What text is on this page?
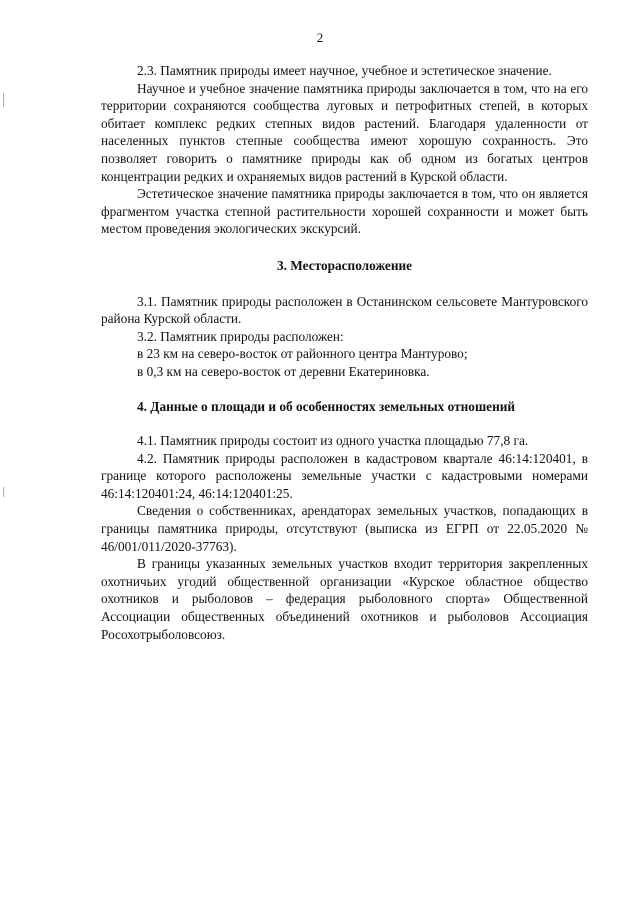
2

2.3. Памятник природы имеет научное, учебное и эстетическое значение.

Научное и учебное значение памятника природы заключается в том, что на его территории сохраняются сообщества луговых и петрофитных степей, в которых обитает комплекс редких степных видов растений. Благодаря удаленности от населенных пунктов степные сообщества имеют хорошую сохранность. Это позволяет говорить о памятнике природы как об одном из богатых центров концентрации редких и охраняемых видов растений в Курской области.

Эстетическое значение памятника природы заключается в том, что он является фрагментом участка степной растительности хорошей сохранности и может быть местом проведения экологических экскурсий.

3. Месторасположение

3.1. Памятник природы расположен в Останинском сельсовете Мантуровского района Курской области.

3.2. Памятник природы расположен:

в 23 км на северо-восток от районного центра Мантурово;

в 0,3 км на северо-восток от деревни Екатериновка.

4. Данные о площади и об особенностях земельных отношений

4.1. Памятник природы состоит из одного участка площадью 77,8 га.

4.2. Памятник природы расположен в кадастровом квартале 46:14:120401, в границе которого расположены земельные участки с кадастровыми номерами 46:14:120401:24, 46:14:120401:25.

Сведения о собственниках, арендаторах земельных участков, попадающих в границы памятника природы, отсутствуют (выписка из ЕГРП от 22.05.2020 № 46/001/011/2020-37763).

В границы указанных земельных участков входит территория закрепленных охотничьих угодий общественной организации «Курское областное общество охотников и рыболовов – федерация рыболовного спорта» Общественной Ассоциации общественных объединений охотников и рыболовов Ассоциация Росохотрыболовсоюз.
